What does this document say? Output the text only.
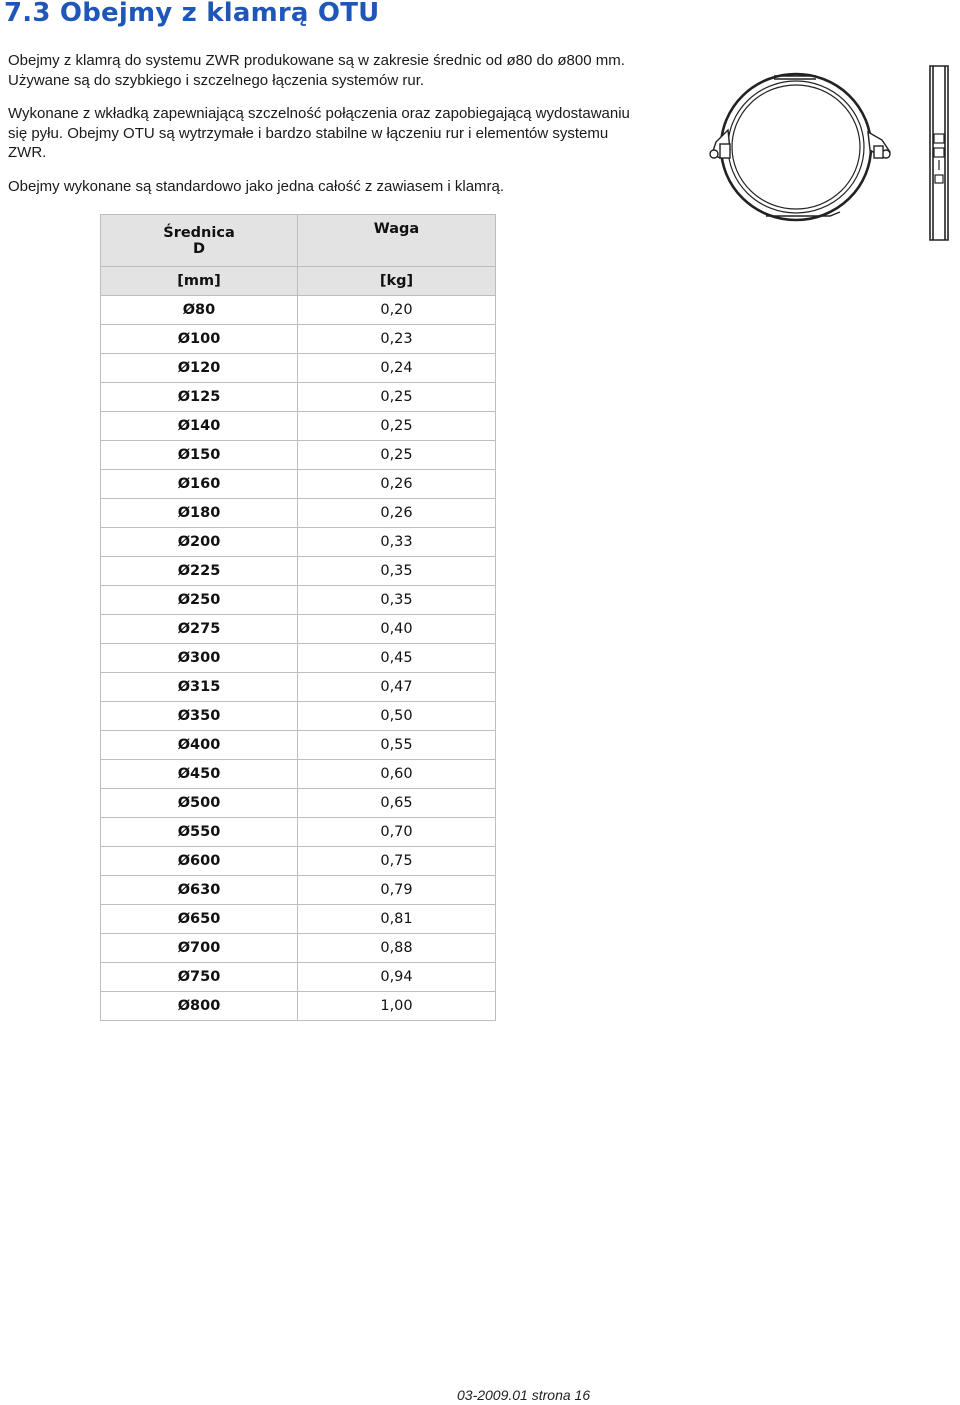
7.3 Obejmy z klamrą OTU

Obejmy z klamrą do systemu ZWR produkowane są w zakresie średnic od ø80 do ø800 mm. Używane są do szybkiego i szczelnego łączenia systemów rur.

Wykonane z wkładką zapewniającą szczelność połączenia oraz zapobiegającą wydostawaniu się pyłu. Obejmy OTU są wytrzymałe i bardzo stabilne w łączeniu rur i elementów systemu ZWR.

Obejmy wykonane są standardowo jako jedna całość z zawiasem i klamrą.

Średnica
D	Waga
[mm]	[kg]
Ø80	0,20
Ø100	0,23
Ø120	0,24
Ø125	0,25
Ø140	0,25
Ø150	0,25
Ø160	0,26
Ø180	0,26
Ø200	0,33
Ø225	0,35
Ø250	0,35
Ø275	0,40
Ø300	0,45
Ø315	0,47
Ø350	0,50
Ø400	0,55
Ø450	0,60
Ø500	0,65
Ø550	0,70
Ø600	0,75
Ø630	0,79
Ø650	0,81
Ø700	0,88
Ø750	0,94
Ø800	1,00

03-2009.01 strona 16
